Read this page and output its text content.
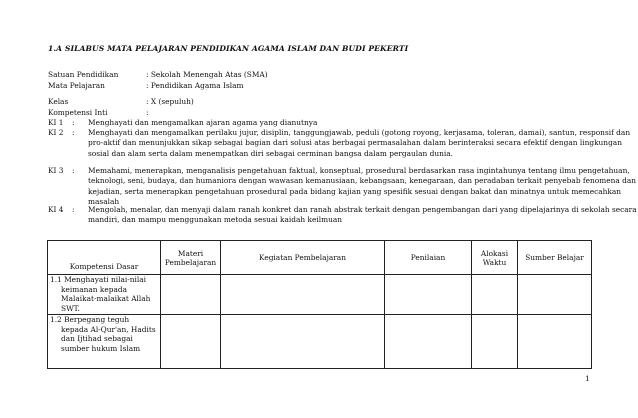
1.A SILABUS MATA PELAJARAN PENDIDIKAN AGAMA ISLAM DAN BUDI PEKERTI
Satuan Pendidikan	: Sekolah Menengah Atas (SMA)
Mata Pelajaran	: Pendidikan Agama Islam
Kelas	: X (sepuluh)
Kompetensi Inti	:
KI 1 : Menghayati dan mengamalkan ajaran agama yang dianutnya
KI 2 : Menghayati dan mengamalkan perilaku jujur, disiplin, tanggungjawab, peduli (gotong royong, kerjasama, toleran, damai), santun, responsif dan pro-aktif dan menunjukkan sikap sebagai bagian dari solusi atas berbagai permasalahan dalam berinteraksi secara efektif dengan lingkungan sosial dan alam serta dalam menempatkan diri sebagai cerminan bangsa dalam pergaulan dunia.
KI 3 : Memahami, menerapkan, menganalisis pengetahuan faktual, konseptual, prosedural berdasarkan rasa ingintahunya tentang ilmu pengetahuan, teknologi, seni, budaya, dan humaniora dengan wawasan kemanusiaan, kebangsaan, kenegaraan, dan peradaban terkait penyebab fenomena dan kejadian, serta menerapkan pengetahuan prosedural pada bidang kajian yang spesifik sesuai dengan bakat dan minatnya untuk memecahkan masalah
KI 4 : Mengolah, menalar, dan menyaji dalam ranah konkret dan ranah abstrak terkait dengan pengembangan dari yang dipelajarinya di sekolah secara mandiri, dan mampu menggunakan metoda sesuai kaidah keilmuan
Kompetensi Dasar	Materi Pembelajaran	Kegiatan Pembelajaran	Penilaian	Alokasi Waktu	Sumber Belajar

1.1 Menghayati nilai-nilai keimanan kepada Malaikat-malaikat Allah SWT.					

1.2 Berpegang teguh kepada Al-Qur'an, Hadits dan Ijtihad sebagai sumber hukum Islam					

1
